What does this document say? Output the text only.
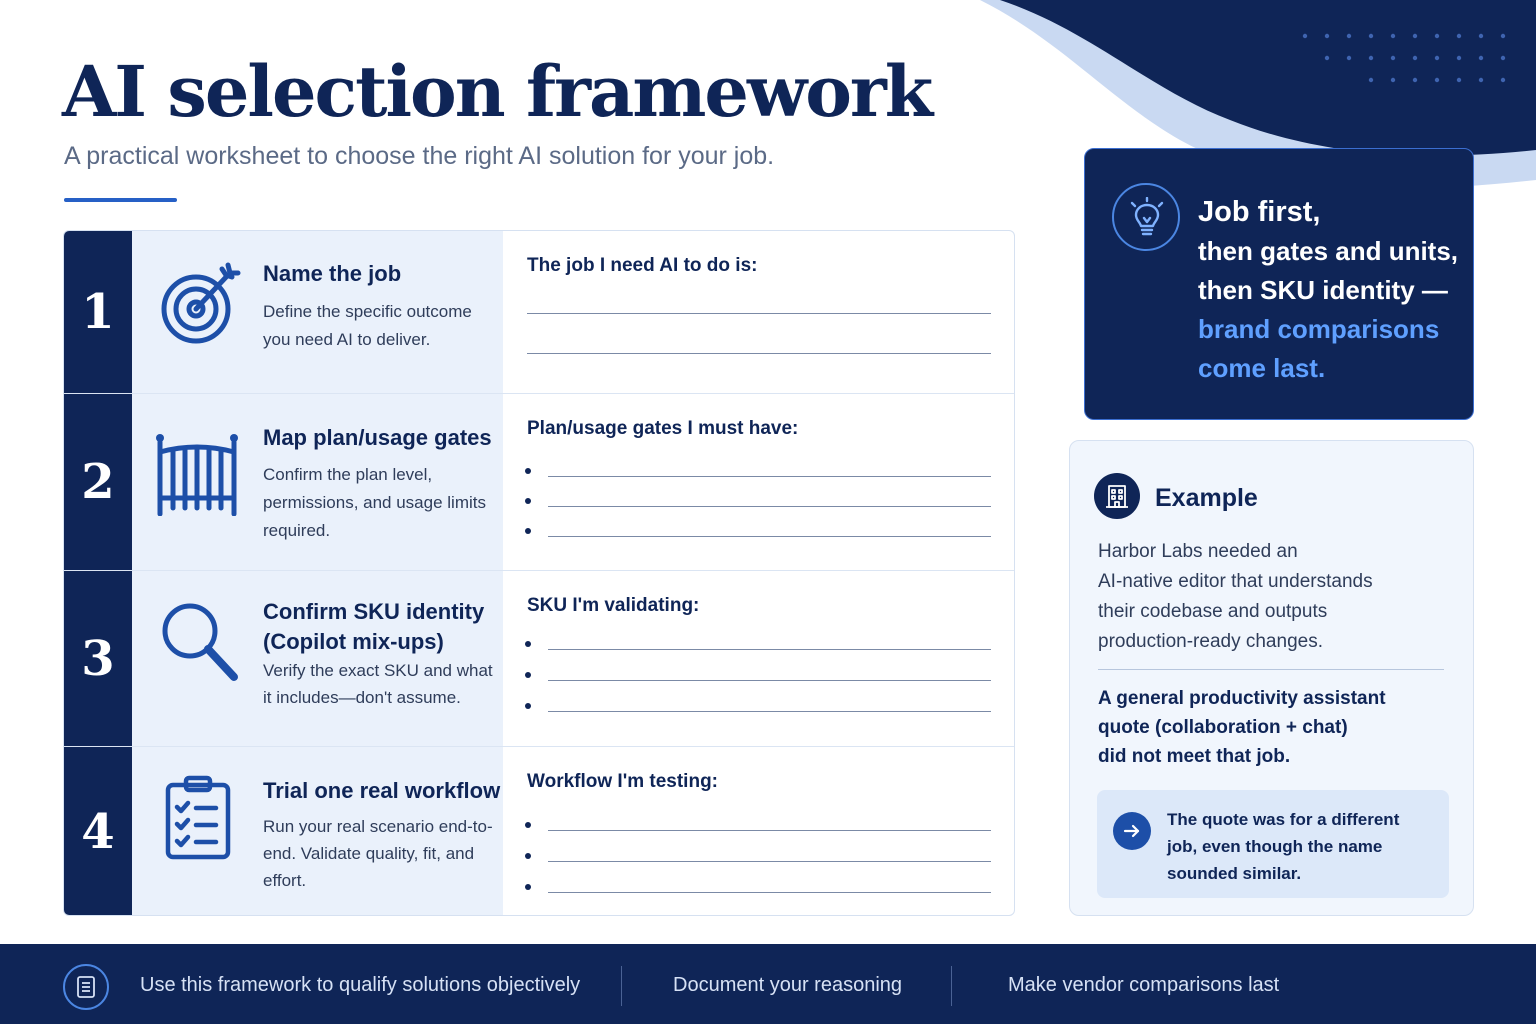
AI selection framework
A practical worksheet to choose the right AI solution for your job.
1
Name the job
Define the specific outcome you need AI to deliver.
The job I need AI to do is:
2
Map plan/usage gates
Confirm the plan level, permissions, and usage limits required.
Plan/usage gates I must have:
3
Confirm SKU identity (Copilot mix-ups)
Verify the exact SKU and what it includes—don't assume.
SKU I'm validating:
4
Trial one real workflow
Run your real scenario end-to-end. Validate quality, fit, and effort.
Workflow I'm testing:
Job first,
then gates and units,
then SKU identity —
brand comparisons
come last.
Example
Harbor Labs needed an
AI-native editor that understands
their codebase and outputs
production-ready changes.
A general productivity assistant
quote (collaboration + chat)
did not meet that job.
The quote was for a different
job, even though the name
sounded similar.
Use this framework to qualify solutions objectively	Document your reasoning	Make vendor comparisons last
